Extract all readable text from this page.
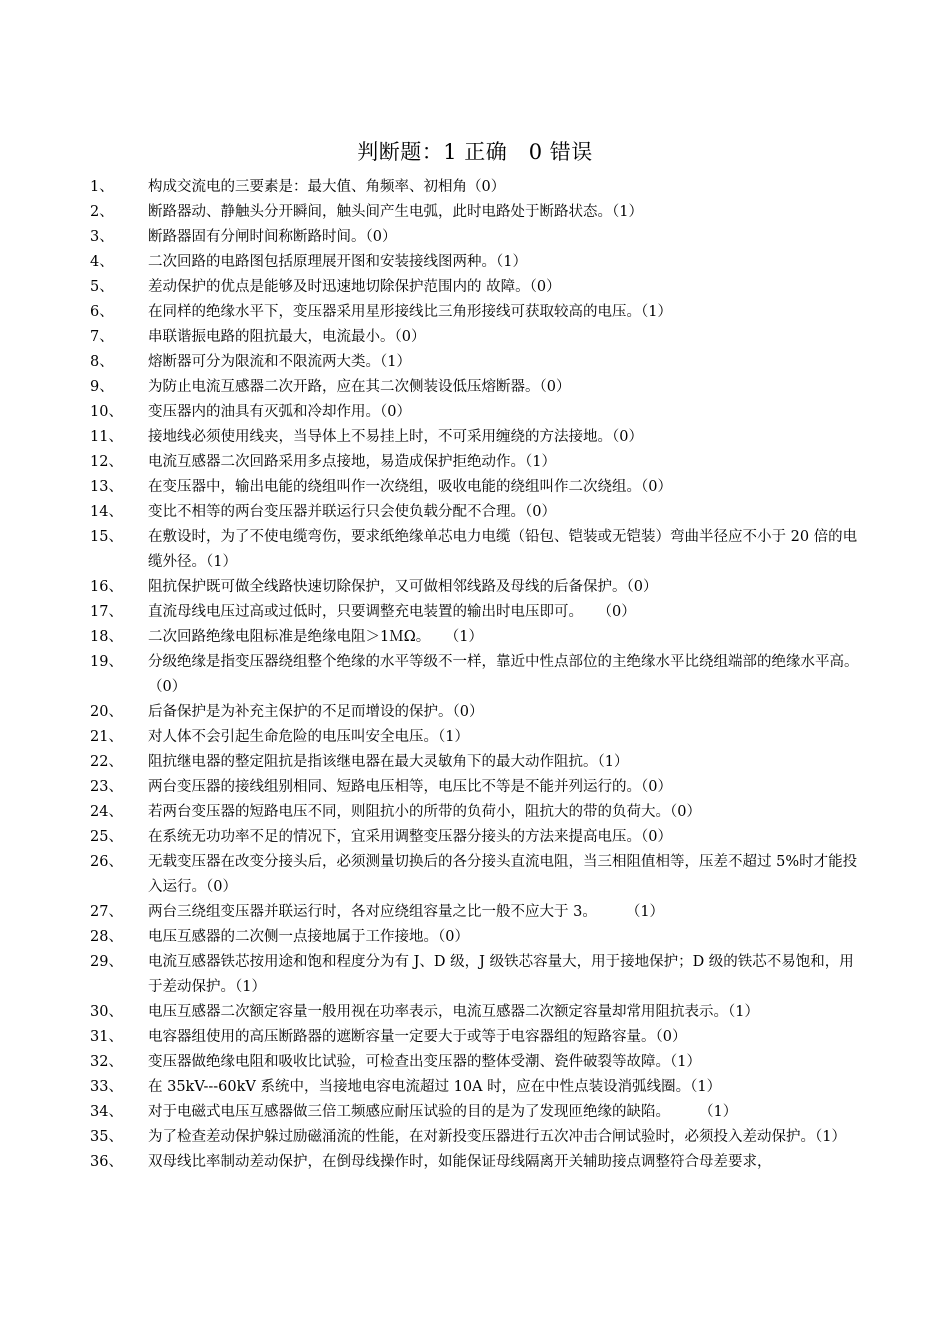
判断题：1 正确　0 错误
1、	构成交流电的三要素是：最大值、角频率、初相角（0）
2、	断路器动、静触头分开瞬间，触头间产生电弧，此时电路处于断路状态。（1）
3、	断路器固有分闸时间称断路时间。（0）
4、	二次回路的电路图包括原理展开图和安装接线图两种。（1）
5、	差动保护的优点是能够及时迅速地切除保护范围内的 故障。（0）
6、	在同样的绝缘水平下，变压器采用星形接线比三角形接线可获取较高的电压。（1）
7、	串联谐振电路的阻抗最大，电流最小。（0）
8、	熔断器可分为限流和不限流两大类。（1）
9、	为防止电流互感器二次开路，应在其二次侧装设低压熔断器。（0）
10、	变压器内的油具有灭弧和冷却作用。（0）
11、	接地线必须使用线夹，当导体上不易挂上时，不可采用缠绕的方法接地。（0）
12、	电流互感器二次回路采用多点接地，易造成保护拒绝动作。（1）
13、	在变压器中，输出电能的绕组叫作一次绕组，吸收电能的绕组叫作二次绕组。（0）
14、	变比不相等的两台变压器并联运行只会使负载分配不合理。（0）
15、	在敷设时，为了不使电缆弯伤，要求纸绝缘单芯电力电缆（铅包、铠装或无铠装）弯曲半径应不小于 20 倍的电缆外径。（1）
16、	阻抗保护既可做全线路快速切除保护，又可做相邻线路及母线的后备保护。（0）
17、	直流母线电压过高或过低时，只要调整充电装置的输出时电压即可。　　（0）
18、	二次回路绝缘电阻标准是绝缘电阻＞1ＭΩ。　　（1）
19、	分级绝缘是指变压器绕组整个绝缘的水平等级不一样，靠近中性点部位的主绝缘水平比绕组端部的绝缘水平高。（0）
20、	后备保护是为补充主保护的不足而增设的保护。（0）
21、	对人体不会引起生命危险的电压叫安全电压。（1）
22、	阻抗继电器的整定阻抗是指该继电器在最大灵敏角下的最大动作阻抗。（1）
23、	两台变压器的接线组别相同、短路电压相等，电压比不等是不能并列运行的。（0）
24、	若两台变压器的短路电压不同，则阻抗小的所带的负荷小，阻抗大的带的负荷大。（0）
25、	在系统无功功率不足的情况下，宜采用调整变压器分接头的方法来提高电压。（0）
26、	无载变压器在改变分接头后，必须测量切换后的各分接头直流电阻，当三相阻值相等，压差不超过 5%时才能投入运行。（0）
27、	两台三绕组变压器并联运行时，各对应绕组容量之比一般不应大于 3。　　　（1）
28、	电压互感器的二次侧一点接地属于工作接地。（0）
29、	电流互感器铁芯按用途和饱和程度分为有 J、D 级，J 级铁芯容量大，用于接地保护；D 级的铁芯不易饱和，用于差动保护。（1）
30、	电压互感器二次额定容量一般用视在功率表示，电流互感器二次额定容量却常用阻抗表示。（1）
31、	电容器组使用的高压断路器的遮断容量一定要大于或等于电容器组的短路容量。（0）
32、	变压器做绝缘电阻和吸收比试验，可检查出变压器的整体受潮、瓷件破裂等故障。（1）
33、	在 35kV---60kV 系统中，当接地电容电流超过 10A 时，应在中性点装设消弧线圈。（1）
34、	对于电磁式电压互感器做三倍工频感应耐压试验的目的是为了发现匝绝缘的缺陷。　　　（1）
35、	为了检查差动保护躲过励磁涌流的性能，在对新投变压器进行五次冲击合闸试验时，必须投入差动保护。（1）
36、	双母线比率制动差动保护，在倒母线操作时，如能保证母线隔离开关辅助接点调整符合母差要求，
